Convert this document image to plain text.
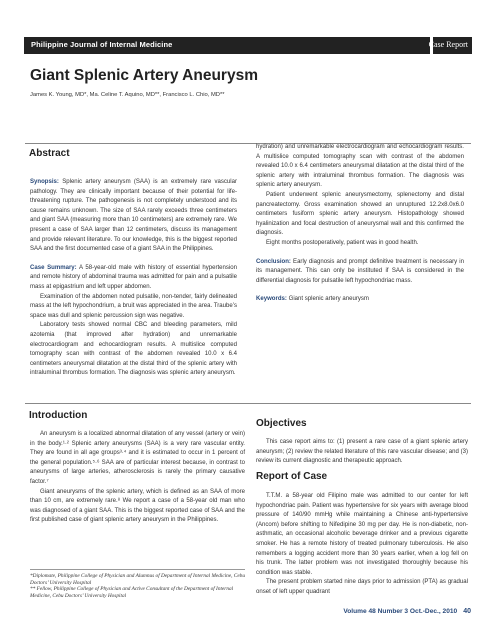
Philippine Journal of Internal Medicine	Case Report
Giant Splenic Artery Aneurysm
James K. Young, MD*, Ma. Celine T. Aquino, MD**, Francisco L. Chio, MD**
Abstract

Synopsis: Splenic artery aneurysm (SAA) is an extremely rare vascular pathology. They are clinically important because of their potential for life-threatening rupture. The pathogenesis is not completely understood and its cause remains unknown. The size of SAA rarely exceeds three centimeters and giant SAA (measuring more than 10 centimeters) are extremely rare. We present a case of SAA larger than 12 centimeters, discuss its management and provide relevant literature. To our knowledge, this is the biggest reported SAA and the first documented case of a giant SAA in the Philippines.

Case Summary: A 58-year-old male with history of essential hypertension and remote history of abdominal trauma was admitted for pain and a pulsatile mass at epigastrium and left upper abdomen.

Examination of the abdomen noted pulsatile, non-tender, fairly delineated mass at the left hypochondrium, a bruit was appreciated in the area. Traube’s space was dull and splenic percussion sign was negative.

Laboratory tests showed normal CBC and bleeding parameters, mild azotemia (that improved after hydration) and unremarkable electrocardiogram and echocardiogram results. A multislice computed tomography scan with contrast of the abdomen revealed 10.0 x 6.4 centimeters aneurysmal dilatation at the distal third of the splenic artery with intraluminal thrombus formation. The diagnosis was splenic artery aneurysm.

hydration) and unremarkable electrocardiogram and echocardiogram results. A multislice computed tomography scan with contrast of the abdomen revealed 10.0 x 6.4 centimeters aneurysmal dilatation at the distal third of the splenic artery with intraluminal thrombus formation. The diagnosis was splenic artery aneurysm.

Patient underwent splenic aneurysmectomy, splenectomy and distal pancreatectomy. Gross examination showed an unruptured 12.2x8.0x6.0 centimeters fusiform splenic artery aneurysm. Histopathology showed hyalinization and focal destruction of aneurysmal wall and this confirmed the diagnosis.

Eight months postoperatively, patient was in good health.

Conclusion: Early diagnosis and prompt definitive treatment is necessary in its management. This can only be instituted if SAA is considered in the differential diagnosis for pulsatile left hypochondriac mass.

Keywords: Giant splenic artery aneurysm

Introduction

An aneurysm is a localized abnormal dilatation of any vessel (artery or vein) in the body.¹·² Splenic artery aneurysms (SAA) is a very rare vascular entity. They are found in all age groups³·⁴ and it is estimated to occur in 1 percent of the general population.⁵·⁶ SAA are of particular interest because, in contrast to aneurysms of large arteries, atherosclerosis is rarely the primary causative factor.⁷

Giant aneurysms of the splenic artery, which is defined as an SAA of more than 10 cm, are extremely rare.⁸ We report a case of a 58-year old man who was diagnosed of a giant SAA. This is the biggest reported case of SAA and the first published case of giant splenic artery aneurysm in the Philippines.

*Diplomate, Philippine College of Physician and Alumnus of Department of Internal Medicine, Cebu Doctors’ University Hospital
** Fellow, Philippine College of Physician and Active Consultant of the Department of Internal Medicine, Cebu Doctors’ University Hospital
Objectives

This case report aims to: (1) present a rare case of a giant splenic artery aneurysm; (2) review the related literature of this rare vascular disease; and (3) review its current diagnostic and therapeutic approach.

Report of Case

T.T.M. a 58-year old Filipino male was admitted to our center for left hypochondriac pain. Patient was hypertensive for six years with average blood pressure of 140/90 mmHg while maintaining a Chinese anti-hypertensive (Ancom) before shifting to Nifedipine 30 mg per day. He is non-diabetic, non-asthmatic, an occasional alcoholic beverage drinker and a previous cigarette smoker. He has a remote history of treated pulmonary tuberculosis. He also remembers a logging accident more than 30 years earlier, when a log fell on his trunk. The latter problem was not investigated thoroughly because his condition was stable.

The present problem started nine days prior to admission (PTA) as gradual onset of left upper quadrant

Volume 48 Number 3 Oct.-Dec., 2010 40
